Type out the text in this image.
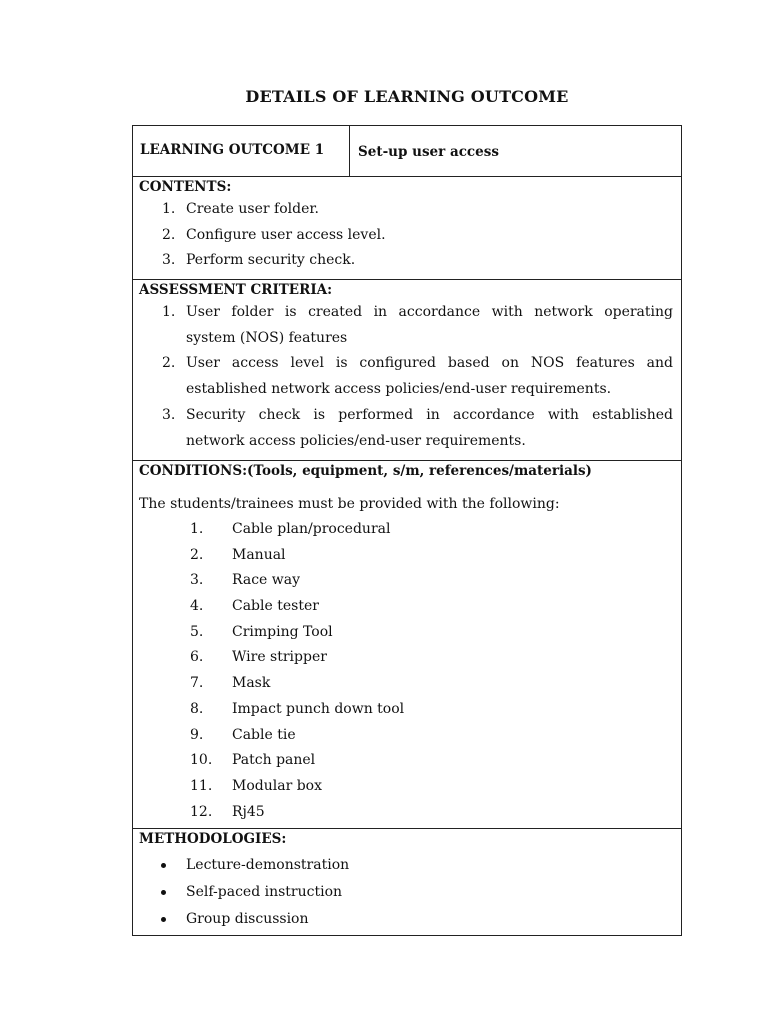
DETAILS OF LEARNING OUTCOME
LEARNING OUTCOME 1	Set-up user access
CONTENTS:
1. Create user folder.
2. Configure user access level.
3. Perform security check.
ASSESSMENT CRITERIA:
1. User folder is created in accordance with network operating
system (NOS) features
2. User access level is configured based on NOS features and
established network access policies/end-user requirements.
3. Security check is performed in accordance with established
network access policies/end-user requirements.
CONDITIONS:(Tools, equipment, s/m, references/materials)
The students/trainees must be provided with the following:
1. Cable plan/procedural
2. Manual
3. Race way
4. Cable tester
5. Crimping Tool
6. Wire stripper
7. Mask
8. Impact punch down tool
9. Cable tie
10. Patch panel
11. Modular box
12. Rj45
METHODOLOGIES:
Lecture-demonstration
Self-paced instruction
Group discussion
